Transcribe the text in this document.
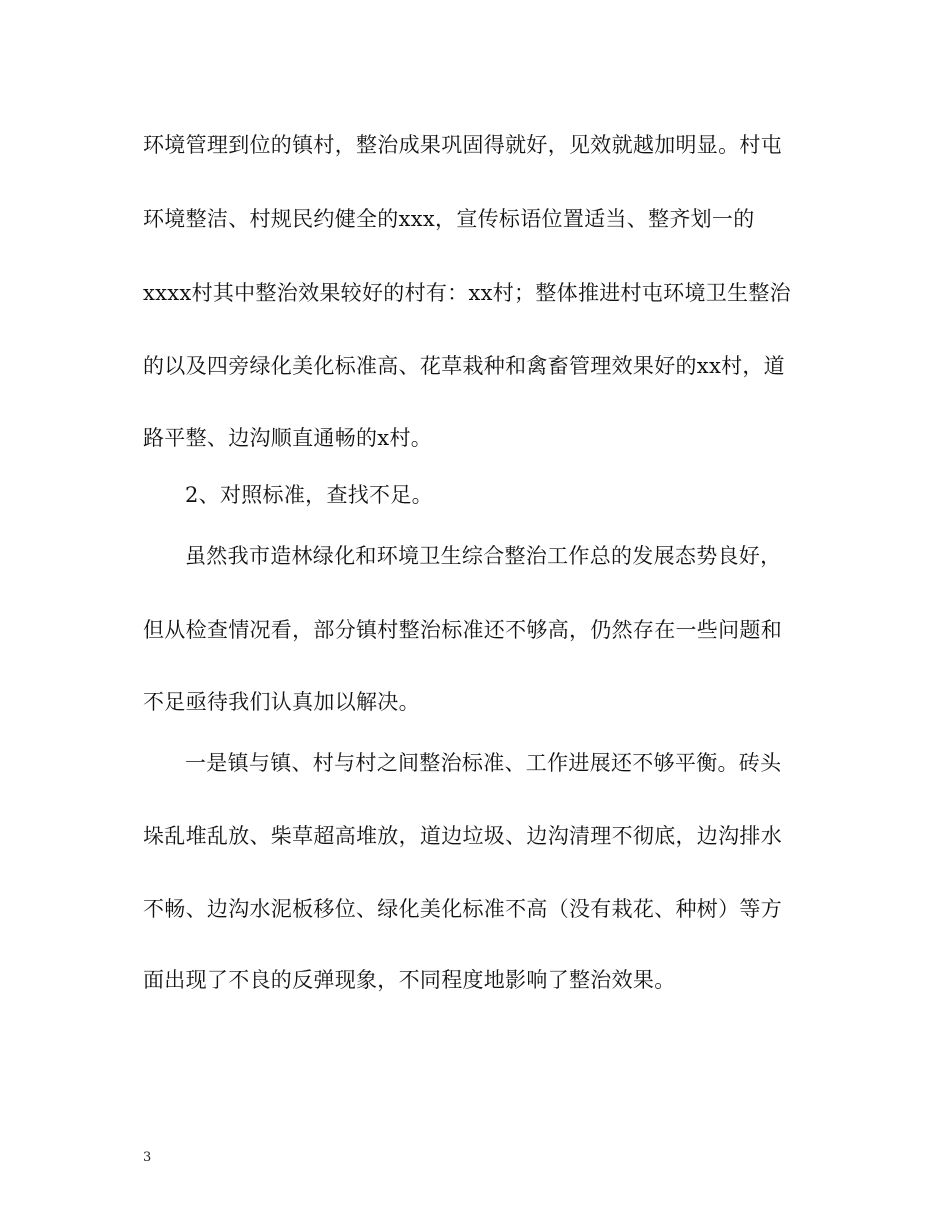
环境管理到位的镇村，整治成果巩固得就好，见效就越加明显。村屯
环境整洁、村规民约健全的xxx，宣传标语位置适当、整齐划一的
xxxx村其中整治效果较好的村有：xx村；整体推进村屯环境卫生整治
的以及四旁绿化美化标准高、花草栽种和禽畜管理效果好的xx村，道
路平整、边沟顺直通畅的x村。
2、对照标准，查找不足。
虽然我市造林绿化和环境卫生综合整治工作总的发展态势良好，
但从检查情况看，部分镇村整治标准还不够高，仍然存在一些问题和
不足亟待我们认真加以解决。
一是镇与镇、村与村之间整治标准、工作进展还不够平衡。砖头
垛乱堆乱放、柴草超高堆放，道边垃圾、边沟清理不彻底，边沟排水
不畅、边沟水泥板移位、绿化美化标准不高（没有栽花、种树）等方
面出现了不良的反弹现象，不同程度地影响了整治效果。
3
